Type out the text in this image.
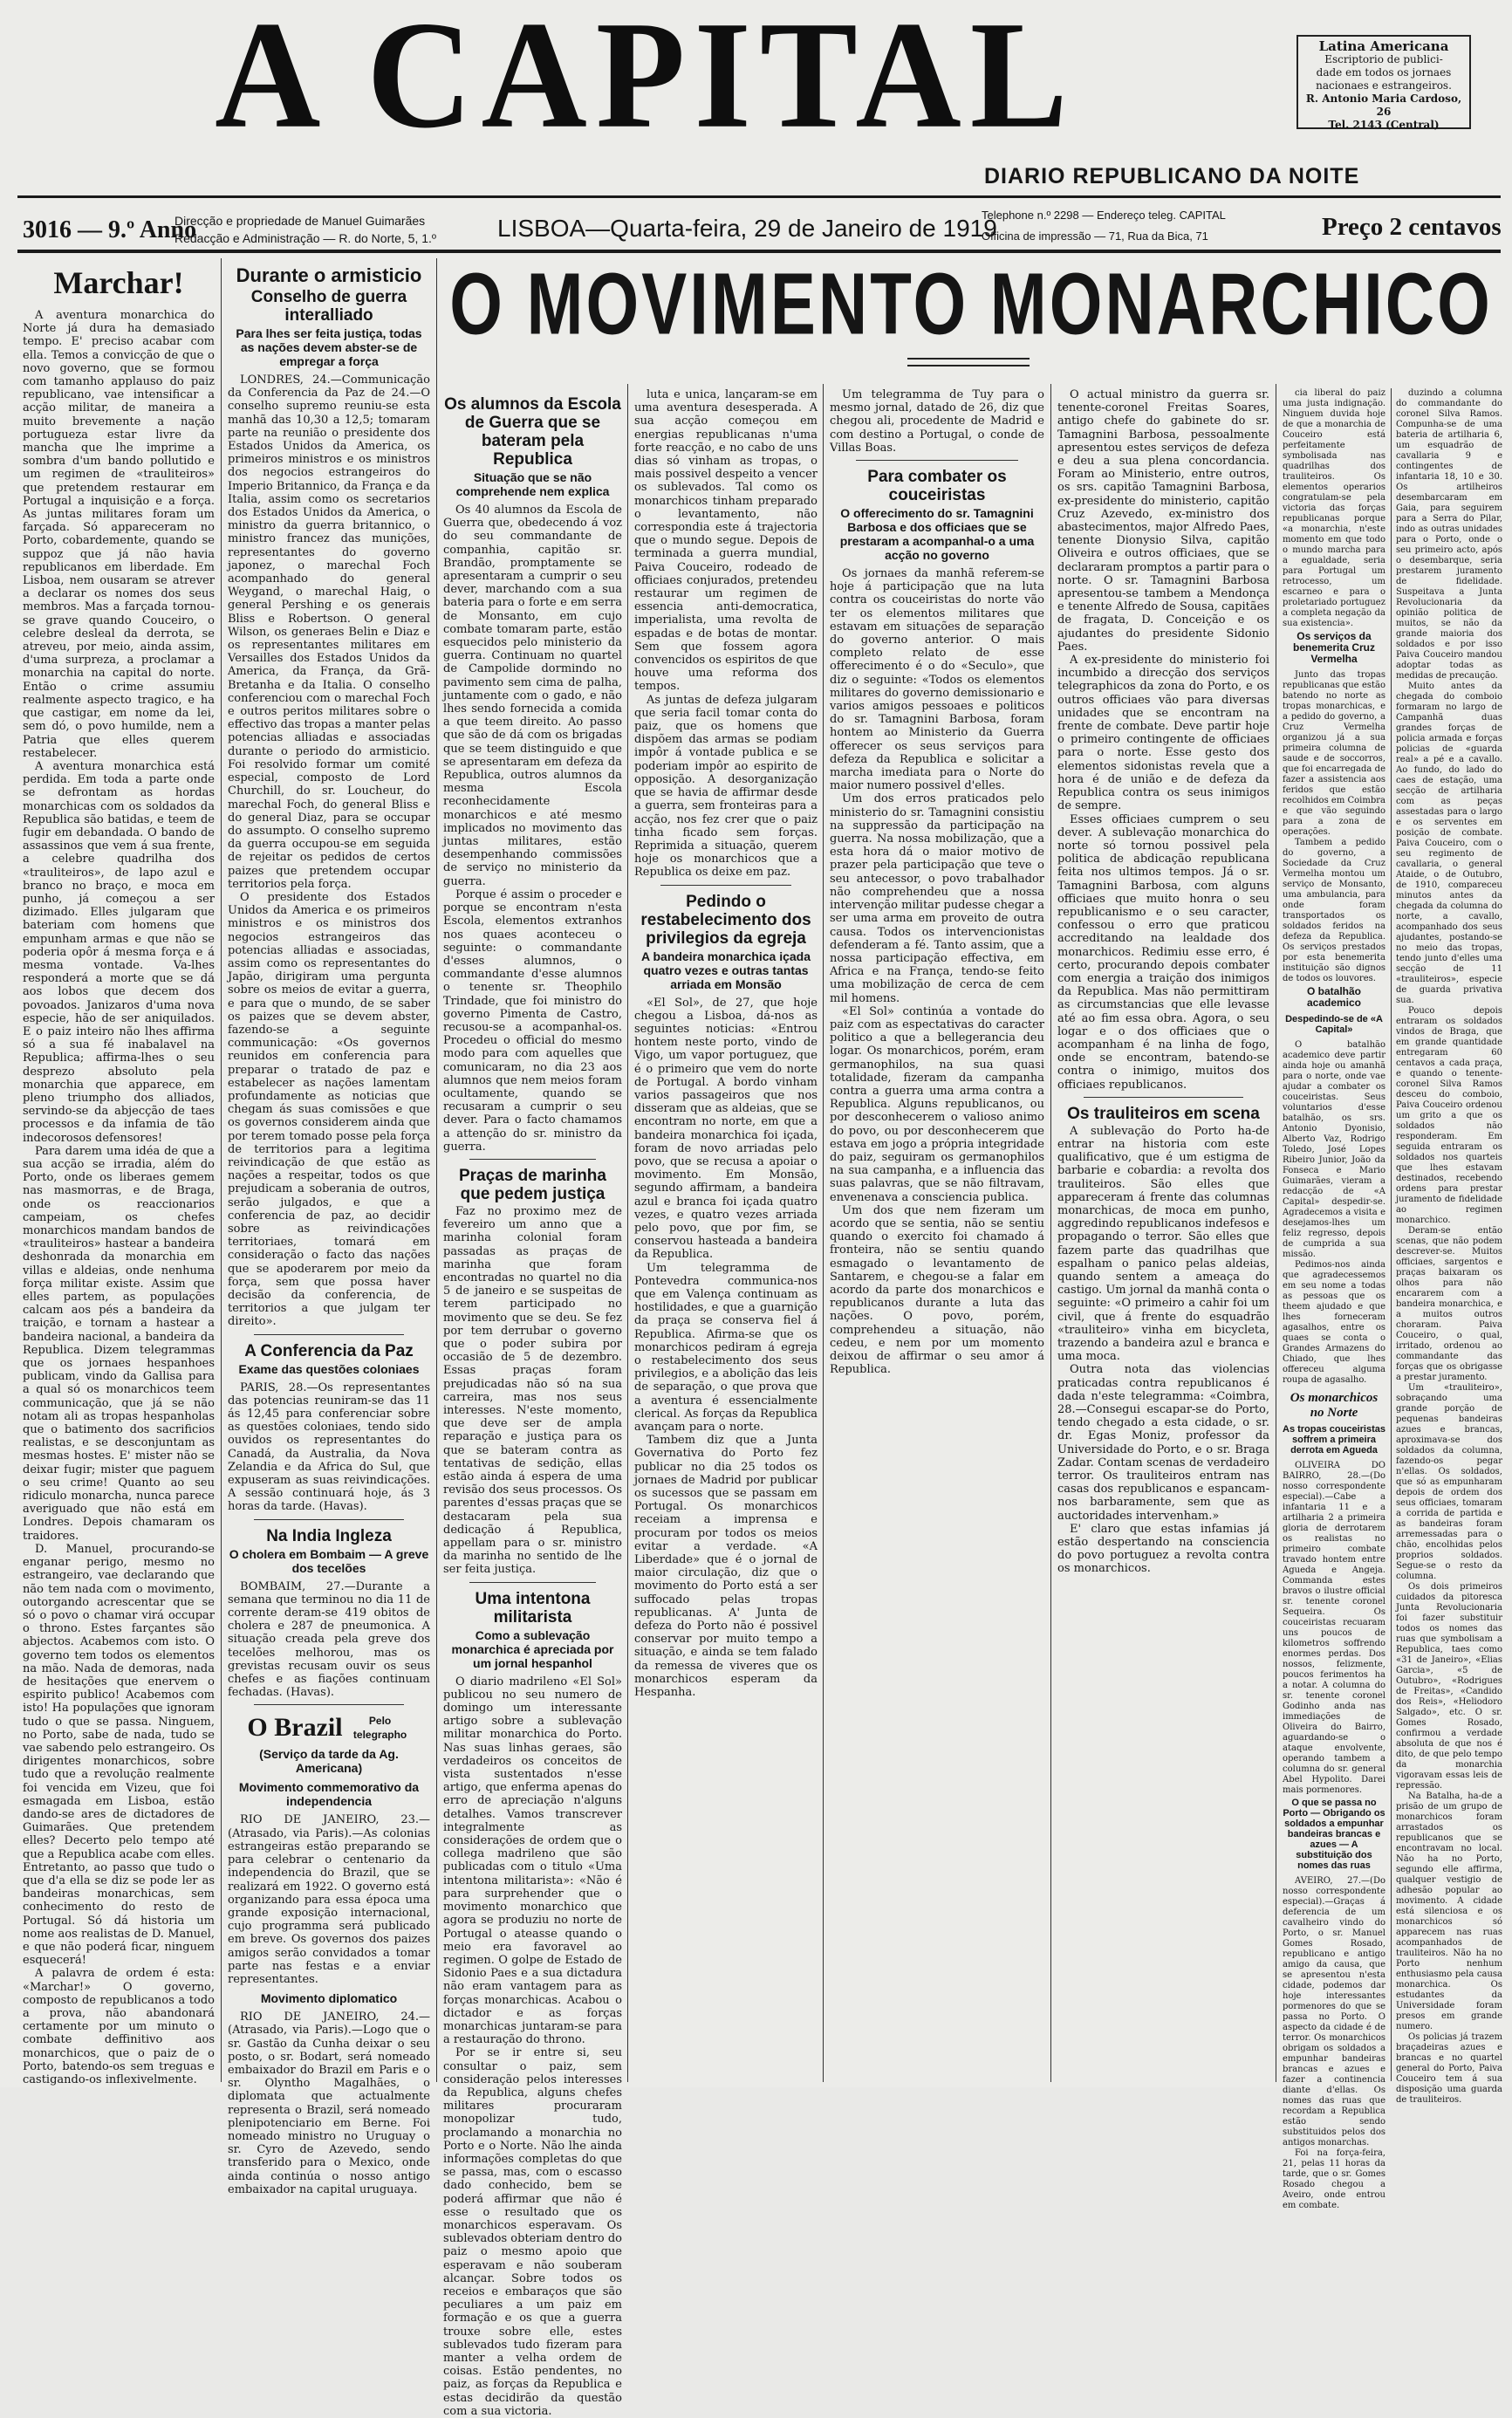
A CAPITAL
DIARIO REPUBLICANO DA NOITE
Latina Americana
Escriptorio de publici-
dade em todos os jornaes
nacionaes e estrangeiros.
R. Antonio Maria Cardoso, 26
Tel. 2143 (Central)
3016 — 9.º Anno
Direcção e propriedade de Manuel Guimarães
Redacção e Administração — R. do Norte, 5, 1.º LISBOA—Quarta-feira, 29 de Janeiro de 1919
Telephone n.º 2298 — Endereço teleg. CAPITAL
Officina de impressão — 71, Rua da Bica, 71	Preço 2 centavos
O MOVIMENTO MONARCHICO
Marchar!

A aventura monarchica do Norte já dura ha demasiado tempo. E' preciso acabar com ella. Temos a convicção de que o novo governo, que se formou com tamanho applauso do paiz republicano, vae intensificar a acção militar, de maneira a muito brevemente a nação portugueza estar livre da mancha que lhe imprime a sombra d'um bando pollutido e um regimen de «trauliteiros» que pretendem restaurar em Portugal a inquisição e a força. As juntas militares foram um farçada. Só appareceram no Porto, cobardemente, quando se suppoz que já não havia republicanos em liberdade. Em Lisboa, nem ousaram se atrever a declarar os nomes dos seus membros. Mas a farçada tornou-se grave quando Couceiro, o celebre desleal da derrota, se atreveu, por meio, ainda assim, d'uma surpreza, a proclamar a monarchia na capital do norte. Então o crime assumiu realmente aspecto tragico, e ha que castigar, em nome da lei, sem dó, o povo humilde, nem a Patria que elles querem restabelecer.

A aventura monarchica está perdida. Em toda a parte onde se defrontam as hordas monarchicas com os soldados da Republica são batidas, e teem de fugir em debandada. O bando de assassinos que vem á sua frente, a celebre quadrilha dos «trauliteiros», de lapo azul e branco no braço, e moca em punho, já começou a ser dizimado. Elles julgaram que bateriam com homens que empunham armas e que não se poderia opôr á mesma força e á mesma vontade. Va-lhes responderá a morte que se dá aos lobos que decem dos povoados. Janizaros d'uma nova especie, hão de ser aniquilados. E o paiz inteiro não lhes affirma só a sua fé inabalavel na Republica; affirma-lhes o seu desprezo absoluto pela monarchia que apparece, em pleno triumpho dos alliados, servindo-se da abjecção de taes processos e da infamia de tão indecorosos defensores!

Para darem uma idéa de que a sua acção se irradia, além do Porto, onde os liberaes gemem nas masmorras, e de Braga, onde os reaccionarios campeiam, os chefes monarchicos mandam bandos de «trauliteiros» hastear a bandeira deshonrada da monarchia em villas e aldeias, onde nenhuma força militar existe. Assim que elles partem, as populações calcam aos pés a bandeira da traição, e tornam a hastear a bandeira nacional, a bandeira da Republica. Dizem telegrammas que os jornaes hespanhoes publicam, vindo da Gallisa para a qual só os monarchicos teem communicação, que já se não notam ali as tropas hespanholas que o batimento dos sacrificios realistas, e se desconjuntam as mesmas hostes. E' mister não se deixar fugir; mister que paguem o seu crime! Quanto ao seu ridiculo monarcha, nunca parece averiguado que não está em Londres. Depois chamaram os traidores.

D. Manuel, procurando-se enganar perigo, mesmo no estrangeiro, vae declarando que não tem nada com o movimento, outorgando acrescentar que se só o povo o chamar virá occupar o throno. Estes farçantes são abjectos. Acabemos com isto. O governo tem todos os elementos na mão. Nada de demoras, nada de hesitações que enervem o espirito publico! Acabemos com isto! Ha populações que ignoram tudo o que se passa. Ninguem, no Porto, sabe de nada, tudo se vae sabendo pelo estrangeiro. Os dirigentes monarchicos, sobre tudo que a revolução realmente foi vencida em Vizeu, que foi esmagada em Lisboa, estão dando-se ares de dictadores de Guimarães. Que pretendem elles? Decerto pelo tempo até que a Republica acabe com elles. Entretanto, ao passo que tudo o que d'a ella se diz se pode ler as bandeiras monarchicas, sem conhecimento do resto de Portugal. Só dá historia um nome aos realistas de D. Manuel, e que não poderá ficar, ninguem esquecerá!

A palavra de ordem é esta: «Marchar!» O governo, composto de republicanos a todo a prova, não abandonará certamente por um minuto o combate deffinitivo aos monarchicos, que o paiz de o Porto, batendo-os sem treguas e castigando-os inflexivelmente.

Durante o armisticio
Conselho de guerra interalliado
Para lhes ser feita justiça, todas as nações devem abster-se de empregar a força

LONDRES, 24.—Communicação da Conferencia da Paz de 24.—O conselho supremo reuniu-se esta manhã das 10,30 a 12,5; tomaram parte na reunião o presidente dos Estados Unidos da America, os primeiros ministros e os ministros dos negocios estrangeiros do Imperio Britannico, da França e da Italia, assim como os secretarios dos Estados Unidos da America, o ministro da guerra britannico, o ministro francez das munições, representantes do governo japonez, o marechal Foch acompanhado do general Weygand, o marechal Haig, o general Pershing e os generais Bliss e Robertson. O general Wilson, os generaes Belin e Diaz e os representantes militares em Versailles dos Estados Unidos da America, da França, da Grã-Bretanha e da Italia. O conselho conferenciou com o marechal Foch e outros peritos militares sobre o effectivo das tropas a manter pelas potencias alliadas e associadas durante o periodo do armisticio. Foi resolvido formar um comité especial, composto de Lord Churchill, do sr. Loucheur, do marechal Foch, do general Bliss e do general Diaz, para se occupar do assumpto. O conselho supremo da guerra occupou-se em seguida de rejeitar os pedidos de certos paizes que pretendem occupar territorios pela força.

O presidente dos Estados Unidos da America e os primeiros ministros e os ministros dos negocios estrangeiros das potencias alliadas e associadas, assim como os representantes do Japão, dirigiram uma pergunta sobre os meios de evitar a guerra, e para que o mundo, de se saber os paizes que se devem abster, fazendo-se a seguinte communicação: «Os governos reunidos em conferencia para preparar o tratado de paz e estabelecer as nações lamentam profundamente as noticias que chegam ás suas comissões e que os governos considerem ainda que por terem tomado posse pela força de territorios para a legitima reivindicação de que estão as nações a respeitar, todos os que prejudicam a soberania de outros, serão julgados, e que a conferencia de paz, ao decidir sobre as reivindicações territoriaes, tomará em consideração o facto das nações que se apoderarem por meio da força, sem que possa haver decisão da conferencia, de territorios a que julgam ter direito».

A Conferencia da Paz
Exame das questões coloniaes

PARIS, 28.—Os representantes das potencias reuniram-se das 11 ás 12,45 para conferenciar sobre as questões coloniaes, tendo sido ouvidos os representantes do Canadá, da Australia, da Nova Zelandia e da Africa do Sul, que expuseram as suas reivindicações. A sessão continuará hoje, ás 3 horas da tarde. (Havas).

Na India Ingleza
O cholera em Bombaim — A greve dos tecelões

BOMBAIM, 27.—Durante a semana que terminou no dia 11 de corrente deram-se 419 obitos de cholera e 287 de pneumonica. A situação creada pela greve dos tecelões melhorou, mas os grevistas recusam ouvir os seus chefes e as fiações continuam fechadas. (Havas).

O Brazil	Pelo telegrapho
(Serviço da tarde da Ag. Americana)
Movimento commemorativo da independencia

RIO DE JANEIRO, 23.—(Atrasado, via Paris).—As colonias estrangeiras estão preparando se para celebrar o centenario da independencia do Brazil, que se realizará em 1922. O governo está organizando para essa época uma grande exposição internacional, cujo programma será publicado em breve. Os governos dos paizes amigos serão convidados a tomar parte nas festas e a enviar representantes.

Movimento diplomatico

RIO DE JANEIRO, 24.—(Atrasado, via Paris).—Logo que o sr. Gastão da Cunha deixar o seu posto, o sr. Bodart, será nomeado embaixador do Brazil em Paris e o sr. Olyntho Magalhães, o diplomata que actualmente representa o Brazil, será nomeado plenipotenciario em Berne. Foi nomeado ministro no Uruguay o sr. Cyro de Azevedo, sendo transferido para o Mexico, onde ainda continúa o nosso antigo embaixador na capital uruguaya.

Os alumnos da Escola de Guerra que se bateram pela Republica
Situação que se não comprehende nem explica

Os 40 alumnos da Escola de Guerra que, obedecendo á voz do seu commandante de companhia, capitão sr. Brandão, promptamente se apresentaram a cumprir o seu dever, marchando com a sua bateria para o forte e em serra de Monsanto, em cujo combate tomaram parte, estão esquecidos pelo ministerio da guerra. Continuam no quartel de Campolide dormindo no pavimento sem cima de palha, juntamente com o gado, e não lhes sendo fornecida a comida a que teem direito. Ao passo que são de dá com os brigadas que se teem distinguido e que se apresentaram em defeza da Republica, outros alumnos da mesma Escola reconhecidamente monarchicos e até mesmo implicados no movimento das juntas militares, estão desempenhando commissões de serviço no ministerio da guerra.

Porque é assim o proceder e porque se encontram n'esta Escola, elementos extranhos nos quaes aconteceu o seguinte: o commandante d'esses alumnos, o commandante d'esse alumnos o tenente sr. Theophilo Trindade, que foi ministro do governo Pimenta de Castro, recusou-se a acompanhal-os. Procedeu o official do mesmo modo para com aquelles que comunicaram, no dia 23 aos alumnos que nem meios foram ocultamente, quando se recusaram a cumprir o seu dever. Para o facto chamamos a attenção do sr. ministro da guerra.

Praças de marinha que pedem justiça

Faz no proximo mez de fevereiro um anno que a marinha colonial foram passadas as praças de marinha que foram encontradas no quartel no dia 5 de janeiro e se suspeitas de terem participado no movimento que se deu. Se fez por tem derrubar o governo que o poder subira por occasião de 5 de dezembro. Essas praças foram prejudicadas não só na sua carreira, mas nos seus interesses. N'este momento, que deve ser de ampla reparação e justiça para os que se bateram contra as tentativas de sedição, ellas estão ainda á espera de uma revisão dos seus processos. Os parentes d'essas praças que se destacaram pela sua dedicação á Republica, appellam para o sr. ministro da marinha no sentido de lhe ser feita justiça.

Uma intentona militarista
Como a sublevação monarchica é apreciada por um jornal hespanhol

O diario madrileno «El Sol» publicou no seu numero de domingo um interessante artigo sobre a sublevação militar monarchica do Porto. Nas suas linhas geraes, são verdadeiros os conceitos de vista sustentados n'esse artigo, que enferma apenas do erro de apreciação n'alguns detalhes. Vamos transcrever integralmente as considerações de ordem que o collega madrileno que são publicadas com o titulo «Uma intentona militarista»: «Não é para surprehender que o movimento monarchico que agora se produziu no norte de Portugal o ateasse quando o meio era favoravel ao regimen. O golpe de Estado de Sidonio Paes e a sua dictadura não eram vantagem para as forças monarchicas. Acabou o dictador e as forças monarchicas juntaram-se para a restauração do throno.

Por se ir entre si, seu consultar o paiz, sem consideração pelos interesses da Republica, alguns chefes militares procuraram monopolizar tudo, proclamando a monarchia no Porto e o Norte. Não lhe ainda informações completas do que se passa, mas, com o escasso dado conhecido, bem se poderá affirmar que não é esse o resultado que os monarchicos esperavam. Os sublevados obteriam dentro do paiz o mesmo apoio que esperavam e não souberam alcançar. Sobre todos os receios e embaraços que são peculiares a um paiz em formação e os que a guerra trouxe sobre elle, estes sublevados tudo fizeram para manter a velha ordem de coisas. Estão pendentes, no paiz, as forças da Republica e estas decidirão da questão com a sua victoria.

luta e unica, lançaram-se em uma aventura desesperada. A sua acção começou em energias republicanas n'uma forte reacção, e no cabo de uns dias só vinham as tropas, o mais possivel despeito a vencer os sublevados. Tal como os monarchicos tinham preparado o levantamento, não correspondia este á trajectoria que o mundo segue. Depois de terminada a guerra mundial, Paiva Couceiro, rodeado de officiaes conjurados, pretendeu restaurar um regimen de essencia anti-democratica, imperialista, uma revolta de espadas e de botas de montar. Sem que fossem agora convencidos os espiritos de que houve uma reforma dos tempos.

As juntas de defeza julgaram que seria facil tomar conta do paiz, que os homens que dispõem das armas se podiam impôr á vontade publica e se poderiam impôr ao espirito de opposição. A desorganização que se havia de affirmar desde a guerra, sem fronteiras para a acção, nos fez crer que o paiz tinha ficado sem forças. Reprimida a situação, querem hoje os monarchicos que a Republica os deixe em paz.

Pedindo o restabelecimento dos privilegios da egreja
A bandeira monarchica içada quatro vezes e outras tantas arriada em Monsão

«El Sol», de 27, que hoje chegou a Lisboa, dá-nos as seguintes noticias: «Entrou hontem neste porto, vindo de Vigo, um vapor portuguez, que é o primeiro que vem do norte de Portugal. A bordo vinham varios passageiros que nos disseram que as aldeias, que se encontram no norte, em que a bandeira monarchica foi içada, foram de novo arriadas pelo povo, que se recusa a apoiar o movimento. Em Monsão, segundo affirmam, a bandeira azul e branca foi içada quatro vezes, e quatro vezes arriada pelo povo, que por fim, se conservou hasteada a bandeira da Republica.

Um telegramma de Pontevedra communica-nos que em Valença continuam as hostilidades, e que a guarnição da praça se conserva fiel á Republica. Afirma-se que os monarchicos pediram á egreja o restabelecimento dos seus privilegios, e a abolição das leis de separação, o que prova que a aventura é essencialmente clerical. As forças da Republica avançam para o norte.

Tambem diz que a Junta Governativa do Porto fez publicar no dia 25 todos os jornaes de Madrid por publicar os sucessos que se passam em Portugal. Os monarchicos receiam a imprensa e procuram por todos os meios evitar a verdade. «A Liberdade» que é o jornal de maior circulação, diz que o movimento do Porto está a ser suffocado pelas tropas republicanas. A' Junta de defeza do Porto não é possivel conservar por muito tempo a situação, e ainda se tem falado da remessa de viveres que os monarchicos esperam da Hespanha.

Um telegramma de Tuy para o mesmo jornal, datado de 26, diz que chegou ali, procedente de Madrid e com destino a Portugal, o conde de Villas Boas.

Para combater os couceiristas
O offerecimento do sr. Tamagnini Barbosa e dos officiaes que se prestaram a acompanhal-o a uma acção no governo

Os jornaes da manhã referem-se hoje á participação que na luta contra os couceiristas do norte vão ter os elementos militares que estavam em situações de separação do governo anterior. O mais completo relato de esse offerecimento é o do «Seculo», que diz o seguinte: «Todos os elementos militares do governo demissionario e varios amigos pessoaes e politicos do sr. Tamagnini Barbosa, foram hontem ao Ministerio da Guerra offerecer os seus serviços para defeza da Republica e solicitar a marcha imediata para o Norte do maior numero possivel d'elles.

Um dos erros praticados pelo ministerio do sr. Tamagnini consistiu na suppressão da participação na guerra. Na nossa mobilização, que a esta hora dá o maior motivo de prazer pela participação que teve o seu antecessor, o povo trabalhador não comprehendeu que a nossa intervenção militar pudesse chegar a ser uma arma em proveito de outra causa. Todos os intervencionistas defenderam a fé. Tanto assim, que a nossa participação effectiva, em Africa e na França, tendo-se feito uma mobilização de cerca de cem mil homens.

«El Sol» continúa a vontade do paiz com as espectativas do caracter politico a que a bellegerancia deu logar. Os monarchicos, porém, eram germanophilos, na sua quasi totalidade, fizeram da campanha contra a guerra uma arma contra a Republica. Alguns republicanos, ou por desconhecerem o valioso animo do povo, ou por desconhecerem que estava em jogo a própria integridade do paiz, seguiram os germanophilos na sua campanha, e a influencia das suas palavras, que se não filtravam, envenenava a consciencia publica.

Um dos que nem fizeram um acordo que se sentia, não se sentiu quando o exercito foi chamado á fronteira, não se sentiu quando esmagado o levantamento de Santarem, e chegou-se a falar em acordo da parte dos monarchicos e republicanos durante a luta das nações. O povo, porém, comprehendeu a situação, não cedeu, e nem por um momento deixou de affirmar o seu amor á Republica.

O actual ministro da guerra sr. tenente-coronel Freitas Soares, antigo chefe do gabinete do sr. Tamagnini Barbosa, pessoalmente apresentou estes serviços de defeza e deu a sua plena concordancia. Foram ao Ministerio, entre outros, os srs. capitão Tamagnini Barbosa, ex-presidente do ministerio, capitão Cruz Azevedo, ex-ministro dos abastecimentos, major Alfredo Paes, tenente Dionysio Silva, capitão Oliveira e outros officiaes, que se declararam promptos a partir para o norte. O sr. Tamagnini Barbosa apresentou-se tambem a Mendonça e tenente Alfredo de Sousa, capitães de fragata, D. Conceição e os ajudantes do presidente Sidonio Paes.

A ex-presidente do ministerio foi incumbido a direcção dos serviços telegraphicos da zona do Porto, e os outros officiaes vão para diversas unidades que se encontram na frente de combate. Deve partir hoje o primeiro contingente de officiaes para o norte. Esse gesto dos elementos sidonistas revela que a hora é de união e de defeza da Republica contra os seus inimigos de sempre.

Esses officiaes cumprem o seu dever. A sublevação monarchica do norte só tornou possivel pela politica de abdicação republicana feita nos ultimos tempos. Já o sr. Tamagnini Barbosa, com alguns officiaes que muito honra o seu republicanismo e o seu caracter, confessou o erro que praticou accreditando na lealdade dos monarchicos. Redimiu esse erro, é certo, procurando depois combater com energia a traição dos inimigos da Republica. Mas não permittiram as circumstancias que elle levasse até ao fim essa obra. Agora, o seu logar e o dos officiaes que o acompanham é na linha de fogo, onde se encontram, batendo-se contra o inimigo, muitos dos officiaes republicanos.

Os trauliteiros em scena

A sublevação do Porto ha-de entrar na historia com este qualificativo, que é um estigma de barbarie e cobardia: a revolta dos trauliteiros. São elles que appareceram á frente das columnas monarchicas, de moca em punho, aggredindo republicanos indefesos e propagando o terror. São elles que fazem parte das quadrilhas que espalham o panico pelas aldeias, quando sentem a ameaça do castigo. Um jornal da manhã conta o seguinte: «O primeiro a cahir foi um civil, que á frente do esquadrão «trauliteiro» vinha em bicycleta, trazendo a bandeira azul e branca e uma moca.

Outra nota das violencias praticadas contra republicanos é dada n'este telegramma: «Coimbra, 28.—Consegui escapar-se do Porto, tendo chegado a esta cidade, o sr. dr. Egas Moniz, professor da Universidade do Porto, e o sr. Braga Zadar. Contam scenas de verdadeiro terror. Os trauliteiros entram nas casas dos republicanos e espancam-nos barbaramente, sem que as auctoridades intervenham.»

E' claro que estas infamias já estão despertando na consciencia do povo portuguez a revolta contra os monarchicos.

cia liberal do paiz uma justa indignação. Ninguem duvida hoje de que a monarchia de Couceiro está perfeitamente symbolisada nas quadrilhas dos trauliteiros. Os elementos operarios congratulam-se pela victoria das forças republicanas porque «a monarchia, n'este momento em que todo o mundo marcha para a egualdade, seria para Portugal um retrocesso, um escarneo e para o proletariado portuguez a completa negação da sua existencia».

Os serviços da benemerita Cruz Vermelha

Junto das tropas republicanas que estão batendo no norte as tropas monarchicas, e a pedido do governo, a Cruz Vermelha organizou já a sua primeira columna de saude e de soccorros, que foi encarregada de fazer a assistencia aos feridos que estão recolhidos em Coimbra e que vão seguindo para a zona de operações.

Tambem a pedido do governo, a Sociedade da Cruz Vermelha montou um serviço de Monsanto, uma ambulancia, para onde foram transportados os soldados feridos na defeza da Republica. Os serviços prestados por esta benemerita instituição são dignos de todos os louvores.

O batalhão academico
Despedindo-se de «A Capital»

O batalhão academico deve partir ainda hoje ou amanhã para o norte, onde vae ajudar a combater os couceiristas. Seus voluntarios d'esse batalhão, os srs. Antonio Dyonisio, Alberto Vaz, Rodrigo Toledo, José Lopes Ribeiro Junior, João da Fonseca e Mario Guimarães, vieram a redacção de «A Capital» despedir-se. Agradecemos a visita e desejamos-lhes um feliz regresso, depois de cumprida a sua missão.

Pedimos-nos ainda que agradecessemos em seu nome a todas as pessoas que os theem ajudado e que lhes forneceram agasalhos, entre os quaes se conta o Grandes Armazens do Chiado, que lhes offereceu alguma roupa de agasalho.

Os monarchicos no Norte
As tropas couceiristas soffrem a primeira derrota em Agueda

OLIVEIRA DO BAIRRO, 28.—(Do nosso correspondente especial).—Cabe a infantaria 11 e a artilharia 2 a primeira gloria de derrotarem os realistas no primeiro combate travado hontem entre Agueda e Angeja. Commanda estes bravos o ilustre official sr. tenente coronel Sequeira. Os couceiristas recuaram uns poucos de kilometros soffrendo enormes perdas. Dos nossos, felizmente, poucos ferimentos ha a notar. A columna do sr. tenente coronel Godinho anda nas immediações de Oliveira do Bairro, aguardando-se o ataque envolvente, operando tambem a columna do sr. general Abel Hypolito. Darei mais pormenores.

O que se passa no Porto — Obrigando os soldados a empunhar bandeiras brancas e azues — A substituição dos nomes das ruas

AVEIRO, 27.—(Do nosso correspondente especial).—Graças á deferencia de um cavalheiro vindo do Porto, o sr. Manuel Gomes Rosado, republicano e antigo amigo da causa, que se apresentou n'esta cidade, podemos dar hoje interessantes pormenores do que se passa no Porto. O aspecto da cidade é de terror. Os monarchicos obrigam os soldados a empunhar bandeiras brancas e azues e fazer a continencia diante d'ellas. Os nomes das ruas que recordam a Republica estão sendo substituidos pelos dos antigos monarchas.

Foi na força-feira, 21, pelas 11 horas da tarde, que o sr. Gomes Rosado chegou a Aveiro, onde entrou em combate.

duzindo a columna do commandante do coronel Silva Ramos. Compunha-se de uma bateria de artilharia 6, um esquadrão de cavallaria 9 e contingentes de infantaria 18, 10 e 30. Os artilheiros desembarcaram em Gaia, para seguirem para a Serra do Pilar, indo as outras unidades para o Porto, onde o seu primeiro acto, após o desembarque, seria prestarem juramento de fidelidade. Suspeitava a Junta Revolucionaria da opinião politica de muitos, se não da grande maioria dos soldados e por isso Paiva Couceiro mandou adoptar todas as medidas de precaução.

Muito antes da chegada do comboio formaram no largo de Campanhã duas grandes forças de policia armada e forças policias de «guarda real» a pé e a cavallo. Ao fundo, do lado do caes de estação, uma secção de artilharia com as peças assestadas para o largo e os serventes em posição de combate. Paiva Couceiro, com o seu regimento de cavallaria, o general Ataide, o de Outubro, de 1910, compareceu minutos antes da chegada da columna do norte, a cavallo, acompanhado dos seus ajudantes, postando-se no meio das tropas, tendo junto d'elles uma secção de 11 «trauliteiros», especie de guarda privativa sua.

Pouco depois entraram os soldados vindos de Braga, que em grande quantidade entregaram 60 centavos a cada praça, e quando o tenente-coronel Silva Ramos desceu do comboio, Paiva Couceiro ordenou um grito a que os soldados não responderam. Em seguida entraram os soldados nos quarteis que lhes estavam destinados, recebendo ordens para prestar juramento de fidelidade ao regimen monarchico.

Deram-se então scenas, que não podem descrever-se. Muitos officiaes, sargentos e praças baixaram os olhos para não encararem com a bandeira monarchica, e a muitos outros choraram. Paiva Couceiro, o qual, irritado, ordenou ao commandante das forças que os obrigasse a prestar juramento.

Um «trauliteiro», sobraçando uma grande porção de pequenas bandeiras azues e brancas, aproximava-se dos soldados da columna, fazendo-os pegar n'ellas. Os soldados, que só as empunharam depois de ordem dos seus officiaes, tomaram a corrida de partida e as bandeiras foram arremessadas para o chão, encolhidas pelos proprios soldados. Segue-se o resto da columna.

Os dois primeiros cuidados da pitoresca Junta Revolucionaria foi fazer substituir todos os nomes das ruas que symbolisam a Republica, taes como «31 de Janeiro», «Elias Garcia», «5 de Outubro», «Rodrigues de Freitas», «Candido dos Reis», «Heliodoro Salgado», etc. O sr. Gomes Rosado, confirmou a verdade absoluta de que nos é dito, de que pelo tempo da monarchia vigoravam essas leis de repressão.

Na Batalha, ha-de a prisão de um grupo de monarchicos foram arrastados os republicanos que se encontravam no local. Não ha no Porto, segundo elle affirma, qualquer vestigio de adhesão popular ao movimento. A cidade está silenciosa e os monarchicos só apparecem nas ruas acompanhados de trauliteiros. Não ha no Porto nenhum enthusiasmo pela causa monarchica. Os estudantes da Universidade foram presos em grande numero.

Os policias já trazem braçadeiras azues e brancas e no quartel general do Porto, Paiva Couceiro tem á sua disposição uma guarda de trauliteiros.
